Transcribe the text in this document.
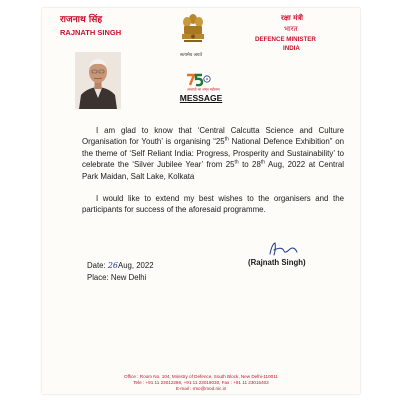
राजनाथ सिंह
RAJNATH SINGH
सत्यमेव जयते
रक्षा मंत्री
भारत
DEFENCE MINISTER
INDIA
आज़ादी का अमृत महोत्सव
MESSAGE
I am glad to know that ‘Central Calcutta Science and Culture Organisation for Youth’ is organising “25th National Defence Exhibition” on the theme of ‘Self Reliant India: Progress, Prosperity and Sustainability’ to celebrate the ‘Silver Jubilee Year’ from 25th to 28th Aug, 2022 at Central Park Maidan, Salt Lake, Kolkata
I would like to extend my best wishes to the organisers and the participants for success of the aforesaid programme.
(Rajnath Singh)
Date: 26Aug, 2022
Place: New Delhi
Office : Room No. 104, Ministry of Defence, South Block, New Delhi-110011
Tele : +91 11 23012286, +91 11 23019030, Fax : +91 11 23015403
E-mail : rmo@mod.nic.in
